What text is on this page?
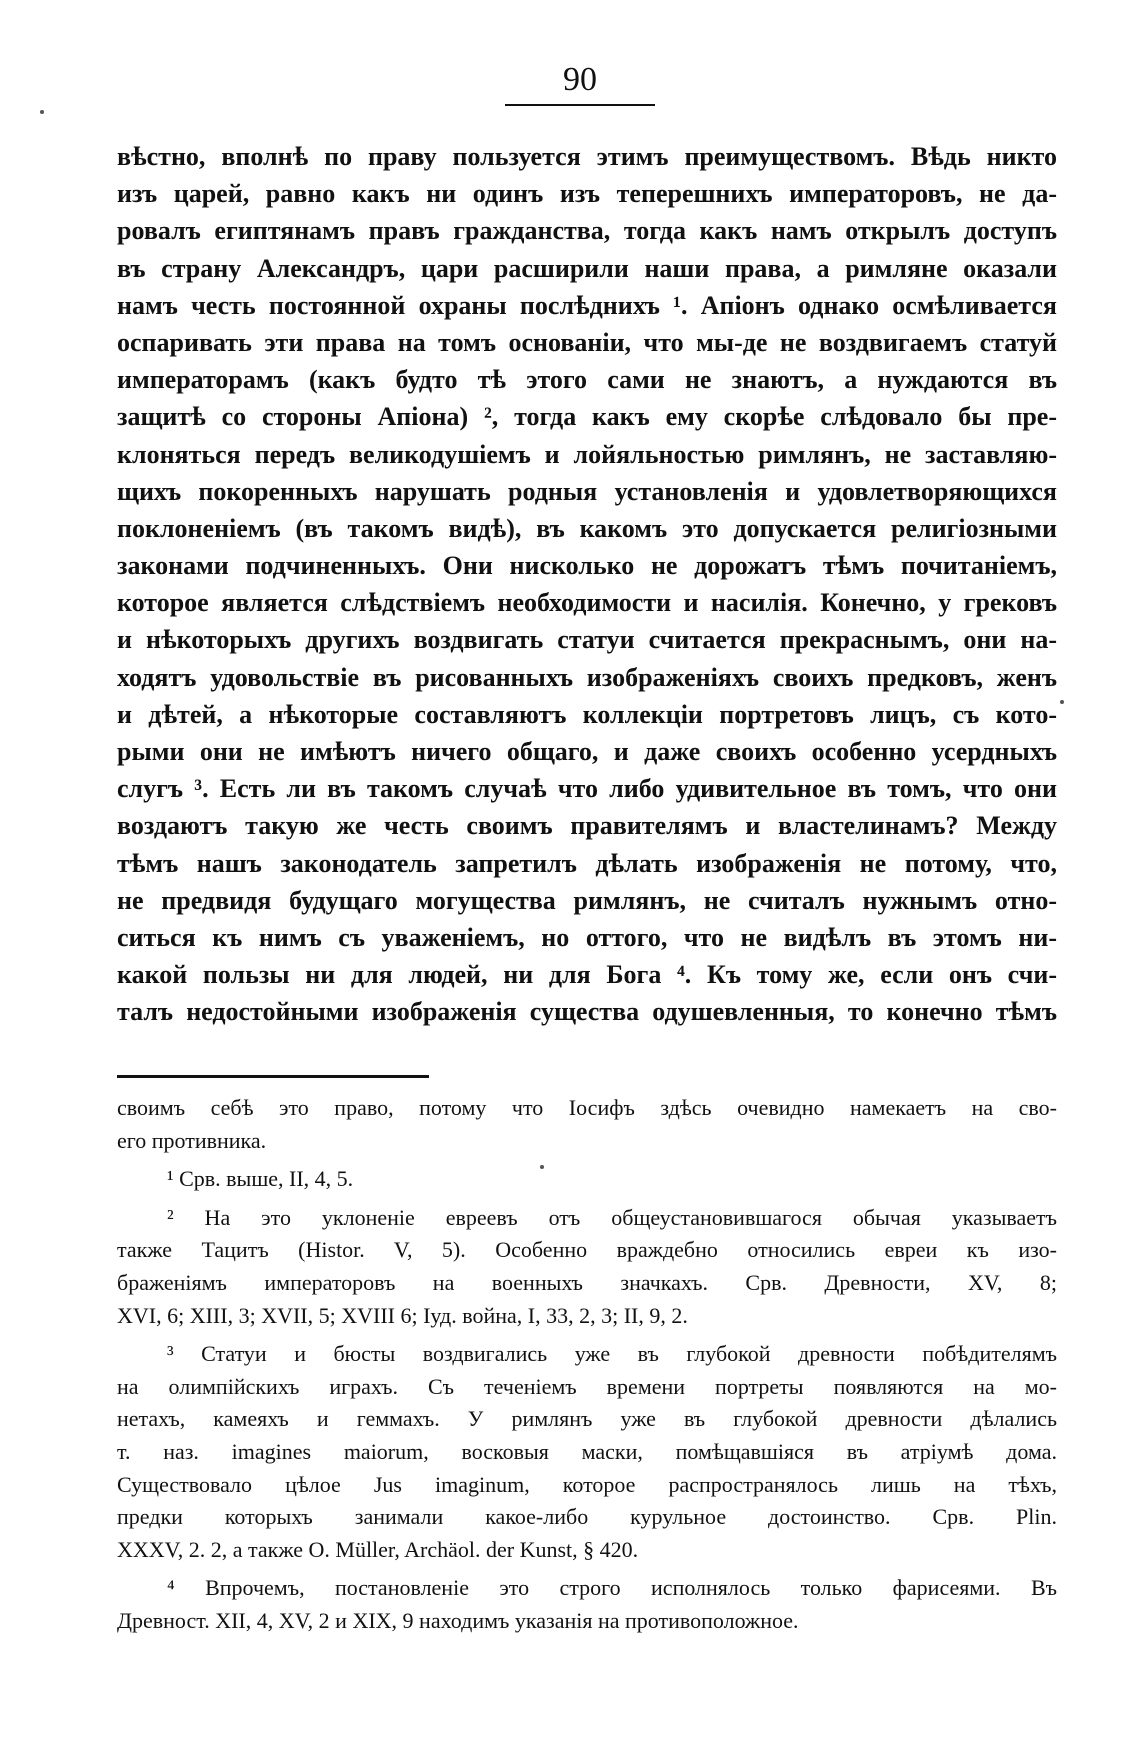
90
вѣстно, вполнѣ по праву пользуется этимъ преимуществомъ. Вѣдь никто
изъ царей, равно какъ ни одинъ изъ теперешнихъ императоровъ, не да-
ровалъ египтянамъ правъ гражданства, тогда какъ намъ открылъ доступъ
въ страну Александръ, цари расширили наши права, а римляне оказали
намъ честь постоянной охраны послѣднихъ ¹. Апіонъ однако осмѣливается
оспаривать эти права на томъ основаніи, что мы-де не воздвигаемъ статуй
императорамъ (какъ будто тѣ этого сами не знаютъ, а нуждаются въ
защитѣ со стороны Апіона) ², тогда какъ ему скорѣе слѣдовало бы пре-
клоняться передъ великодушіемъ и лойяльностью римлянъ, не заставляю-
щихъ покоренныхъ нарушать родныя установленія и удовлетворяющихся
поклоненіемъ (въ такомъ видѣ), въ какомъ это допускается религіозными
законами подчиненныхъ. Они нисколько не дорожатъ тѣмъ почитаніемъ,
которое является слѣдствіемъ необходимости и насилія. Конечно, у грековъ
и нѣкоторыхъ другихъ воздвигать статуи считается прекраснымъ, они на-
ходятъ удовольствіе въ рисованныхъ изображеніяхъ своихъ предковъ, женъ
и дѣтей, а нѣкоторые составляютъ коллекціи портретовъ лицъ, съ кото-
рыми они не имѣютъ ничего общаго, и даже своихъ особенно усердныхъ
слугъ ³. Есть ли въ такомъ случаѣ что либо удивительное въ томъ, что они
воздаютъ такую же честь своимъ правителямъ и властелинамъ? Между
тѣмъ нашъ законодатель запретилъ дѣлать изображенія не потому, что,
не предвидя будущаго могущества римлянъ, не считалъ нужнымъ отно-
ситься къ нимъ съ уваженіемъ, но оттого, что не видѣлъ въ этомъ ни-
какой пользы ни для людей, ни для Бога ⁴. Къ тому же, если онъ счи-
талъ недостойными изображенія существа одушевленныя, то конечно тѣмъ
своимъ себѣ это право, потому что Іосифъ здѣсь очевидно намекаетъ на сво-
его противника.
¹ Срв. выше, II, 4, 5.
² На это уклоненіе евреевъ отъ общеустановившагося обычая указываетъ
также Тацитъ (Histor. V, 5). Особенно враждебно относились евреи къ изо-
браженіямъ императоровъ на военныхъ значкахъ. Срв. Древности, XV, 8;
XVI, 6; XIII, 3; XVII, 5; XVIII 6; Іуд. война, I, 33, 2, 3; II, 9, 2.
³ Статуи и бюсты воздвигались уже въ глубокой древности побѣдителямъ
на олимпійскихъ играхъ. Съ теченіемъ времени портреты появляются на мо-
нетахъ, камеяхъ и геммахъ. У римлянъ уже въ глубокой древности дѣлались
т. наз. imagines maiorum, восковыя маски, помѣщавшіяся въ атріумѣ дома.
Существовало цѣлое Jus imaginum, которое распространялось лишь на тѣхъ,
предки которыхъ занимали какое-либо курульное достоинство. Срв. Plin.
XXXV, 2. 2, а также O. Müller, Archäol. der Kunst, § 420.
⁴ Впрочемъ, постановленіе это строго исполнялось только фарисеями. Въ
Древност. XII, 4, XV, 2 и XIX, 9 находимъ указанія на противоположное.
